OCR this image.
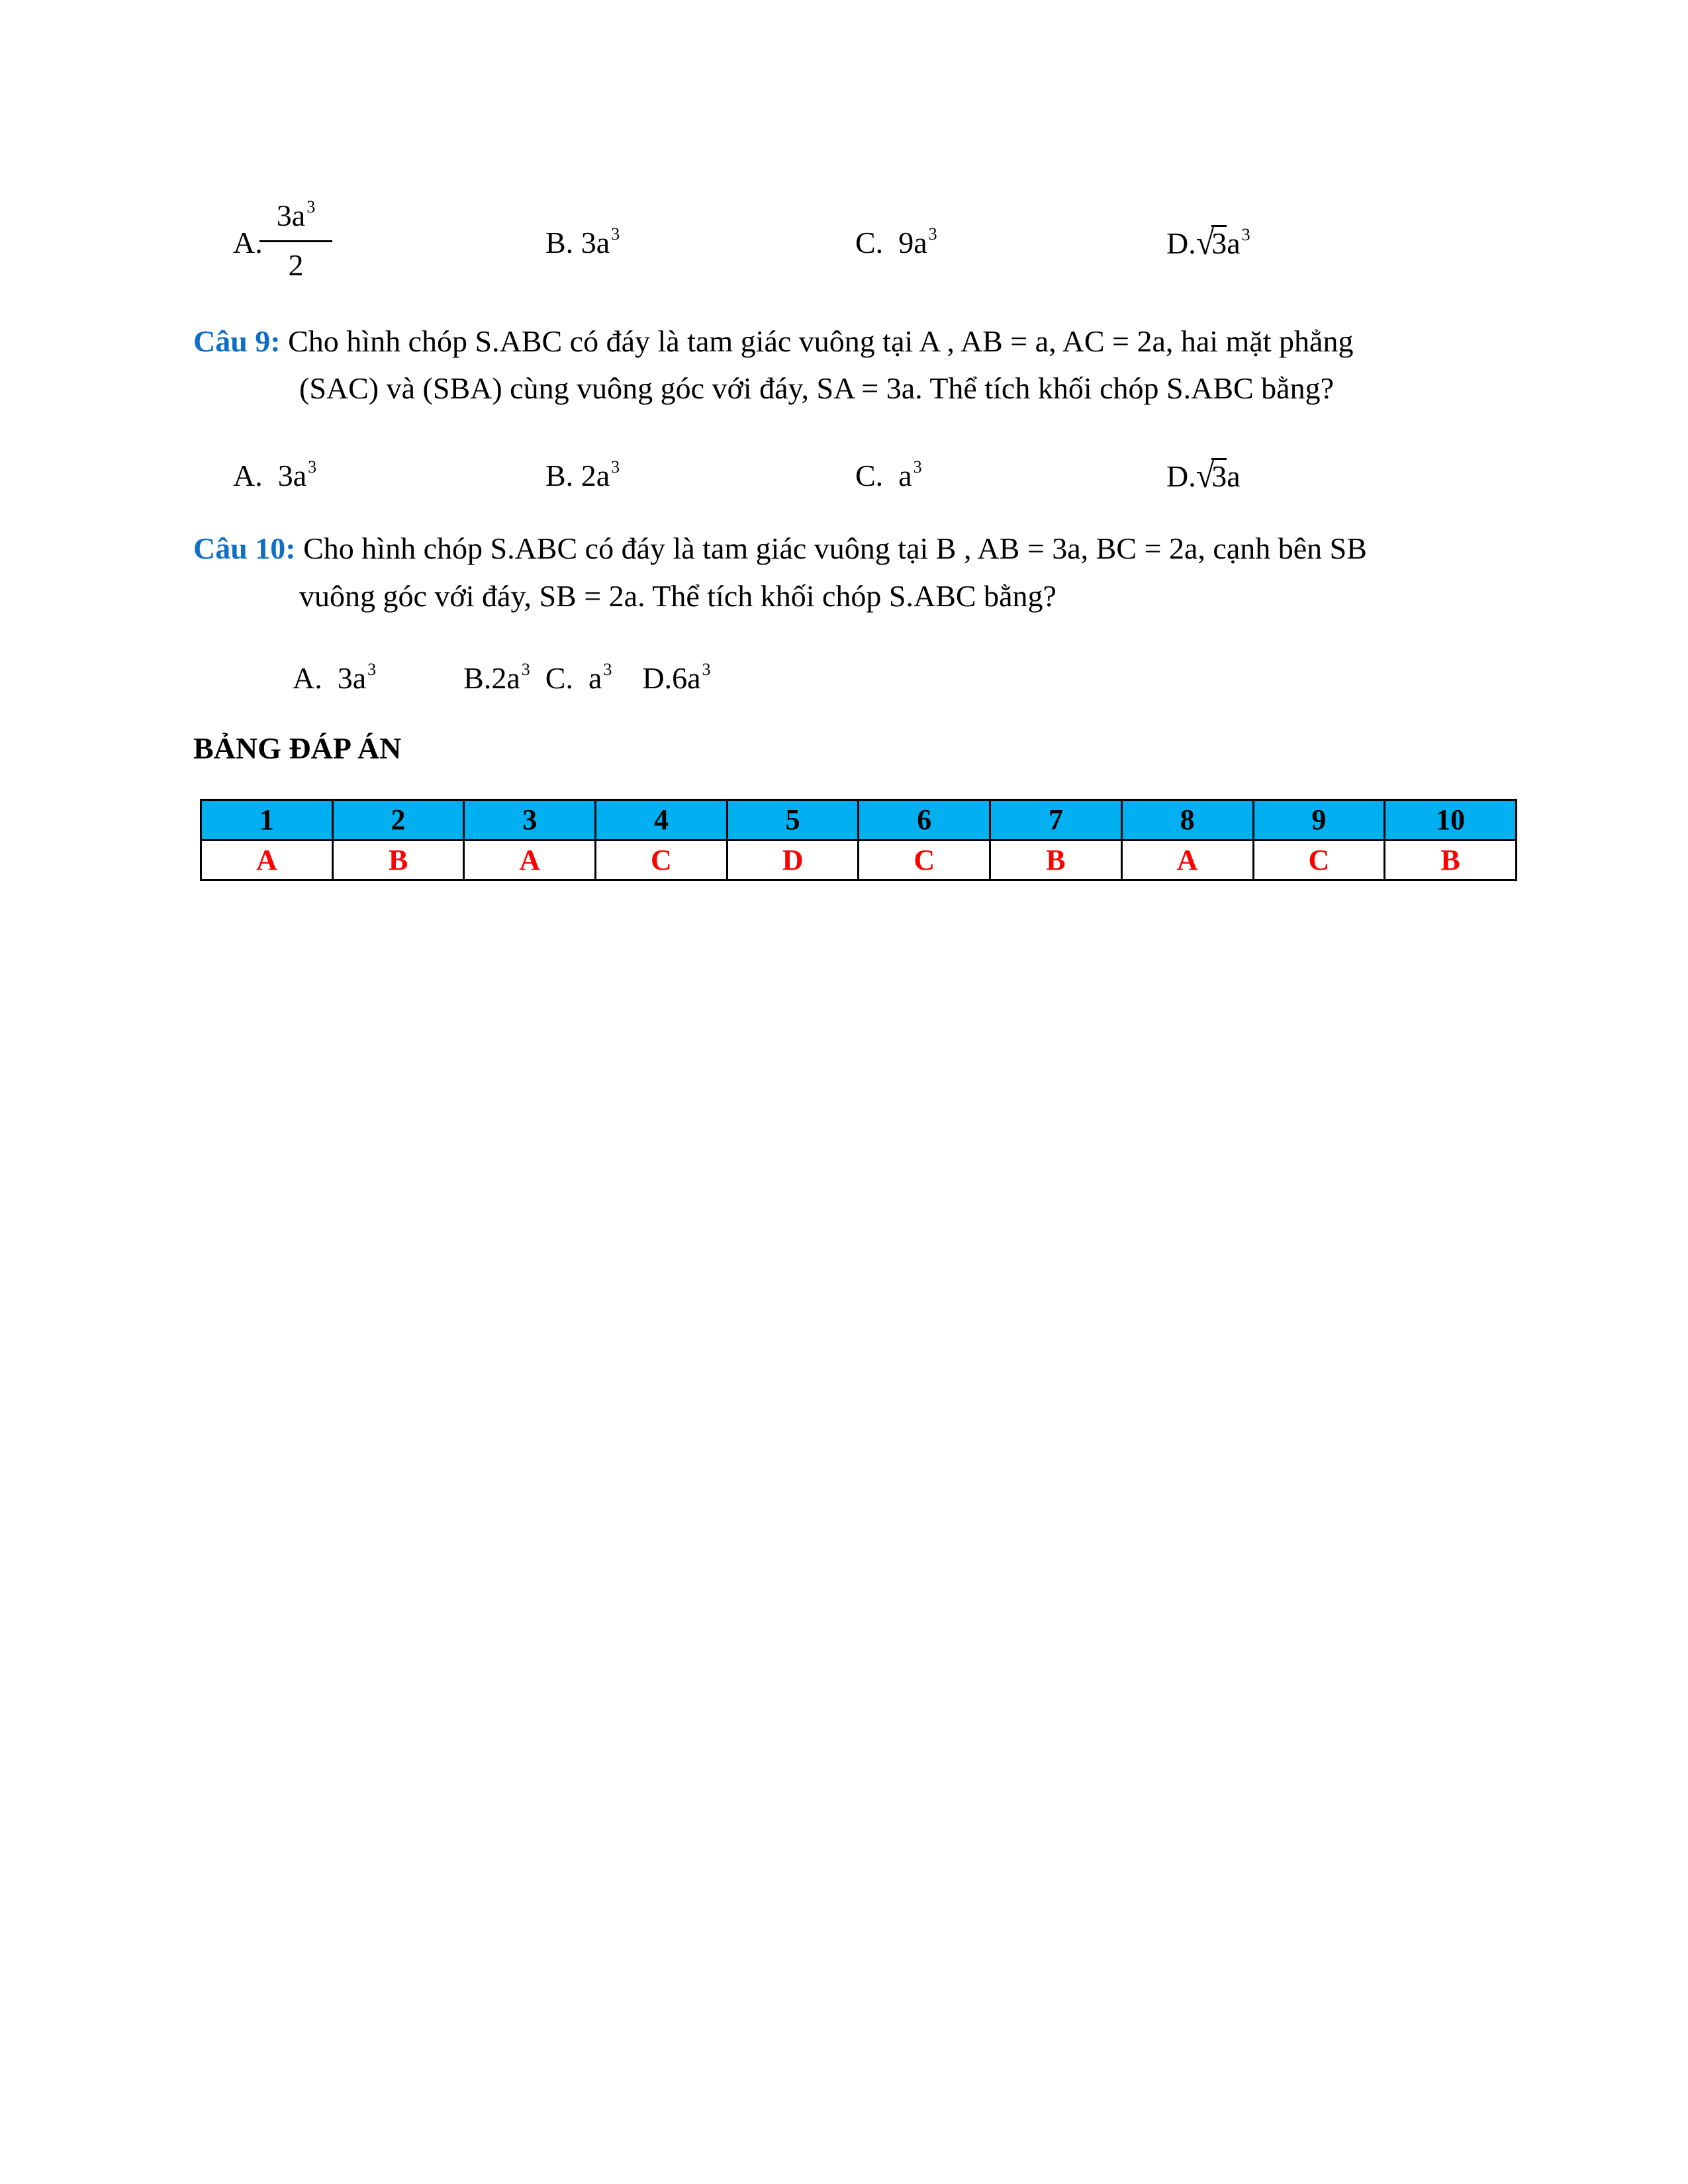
A.
$3a^3$
2
B. $3a^3$	C. $9a^3$	$D.√3a^3$
Câu 9: Cho hình chóp S.ABC có đáy là tam giác vuông tại A , AB = a, AC = 2a, hai mặt phẳng
(SAC) và (SBA) cùng vuông góc với đáy, SA = 3a. Thể tích khối chóp S.ABC bằng?
A. $3a^3$	B. $2a^3$	C. $a^3$	D.√3a
Câu 10: Cho hình chóp S.ABC có đáy là tam giác vuông tại B , AB = 3a, BC = 2a, cạnh bên SB
vuông góc với đáy, SB = 2a. Thể tích khối chóp S.ABC bằng?
A. $3a^3$	$B.2a^3$ C. $a^3$ $D.6a^3$
BẢNG ĐÁP ÁN
1	2	3	4	5	6	7	8	9	10
A	B	A	C	D	C	B	A	C	B
